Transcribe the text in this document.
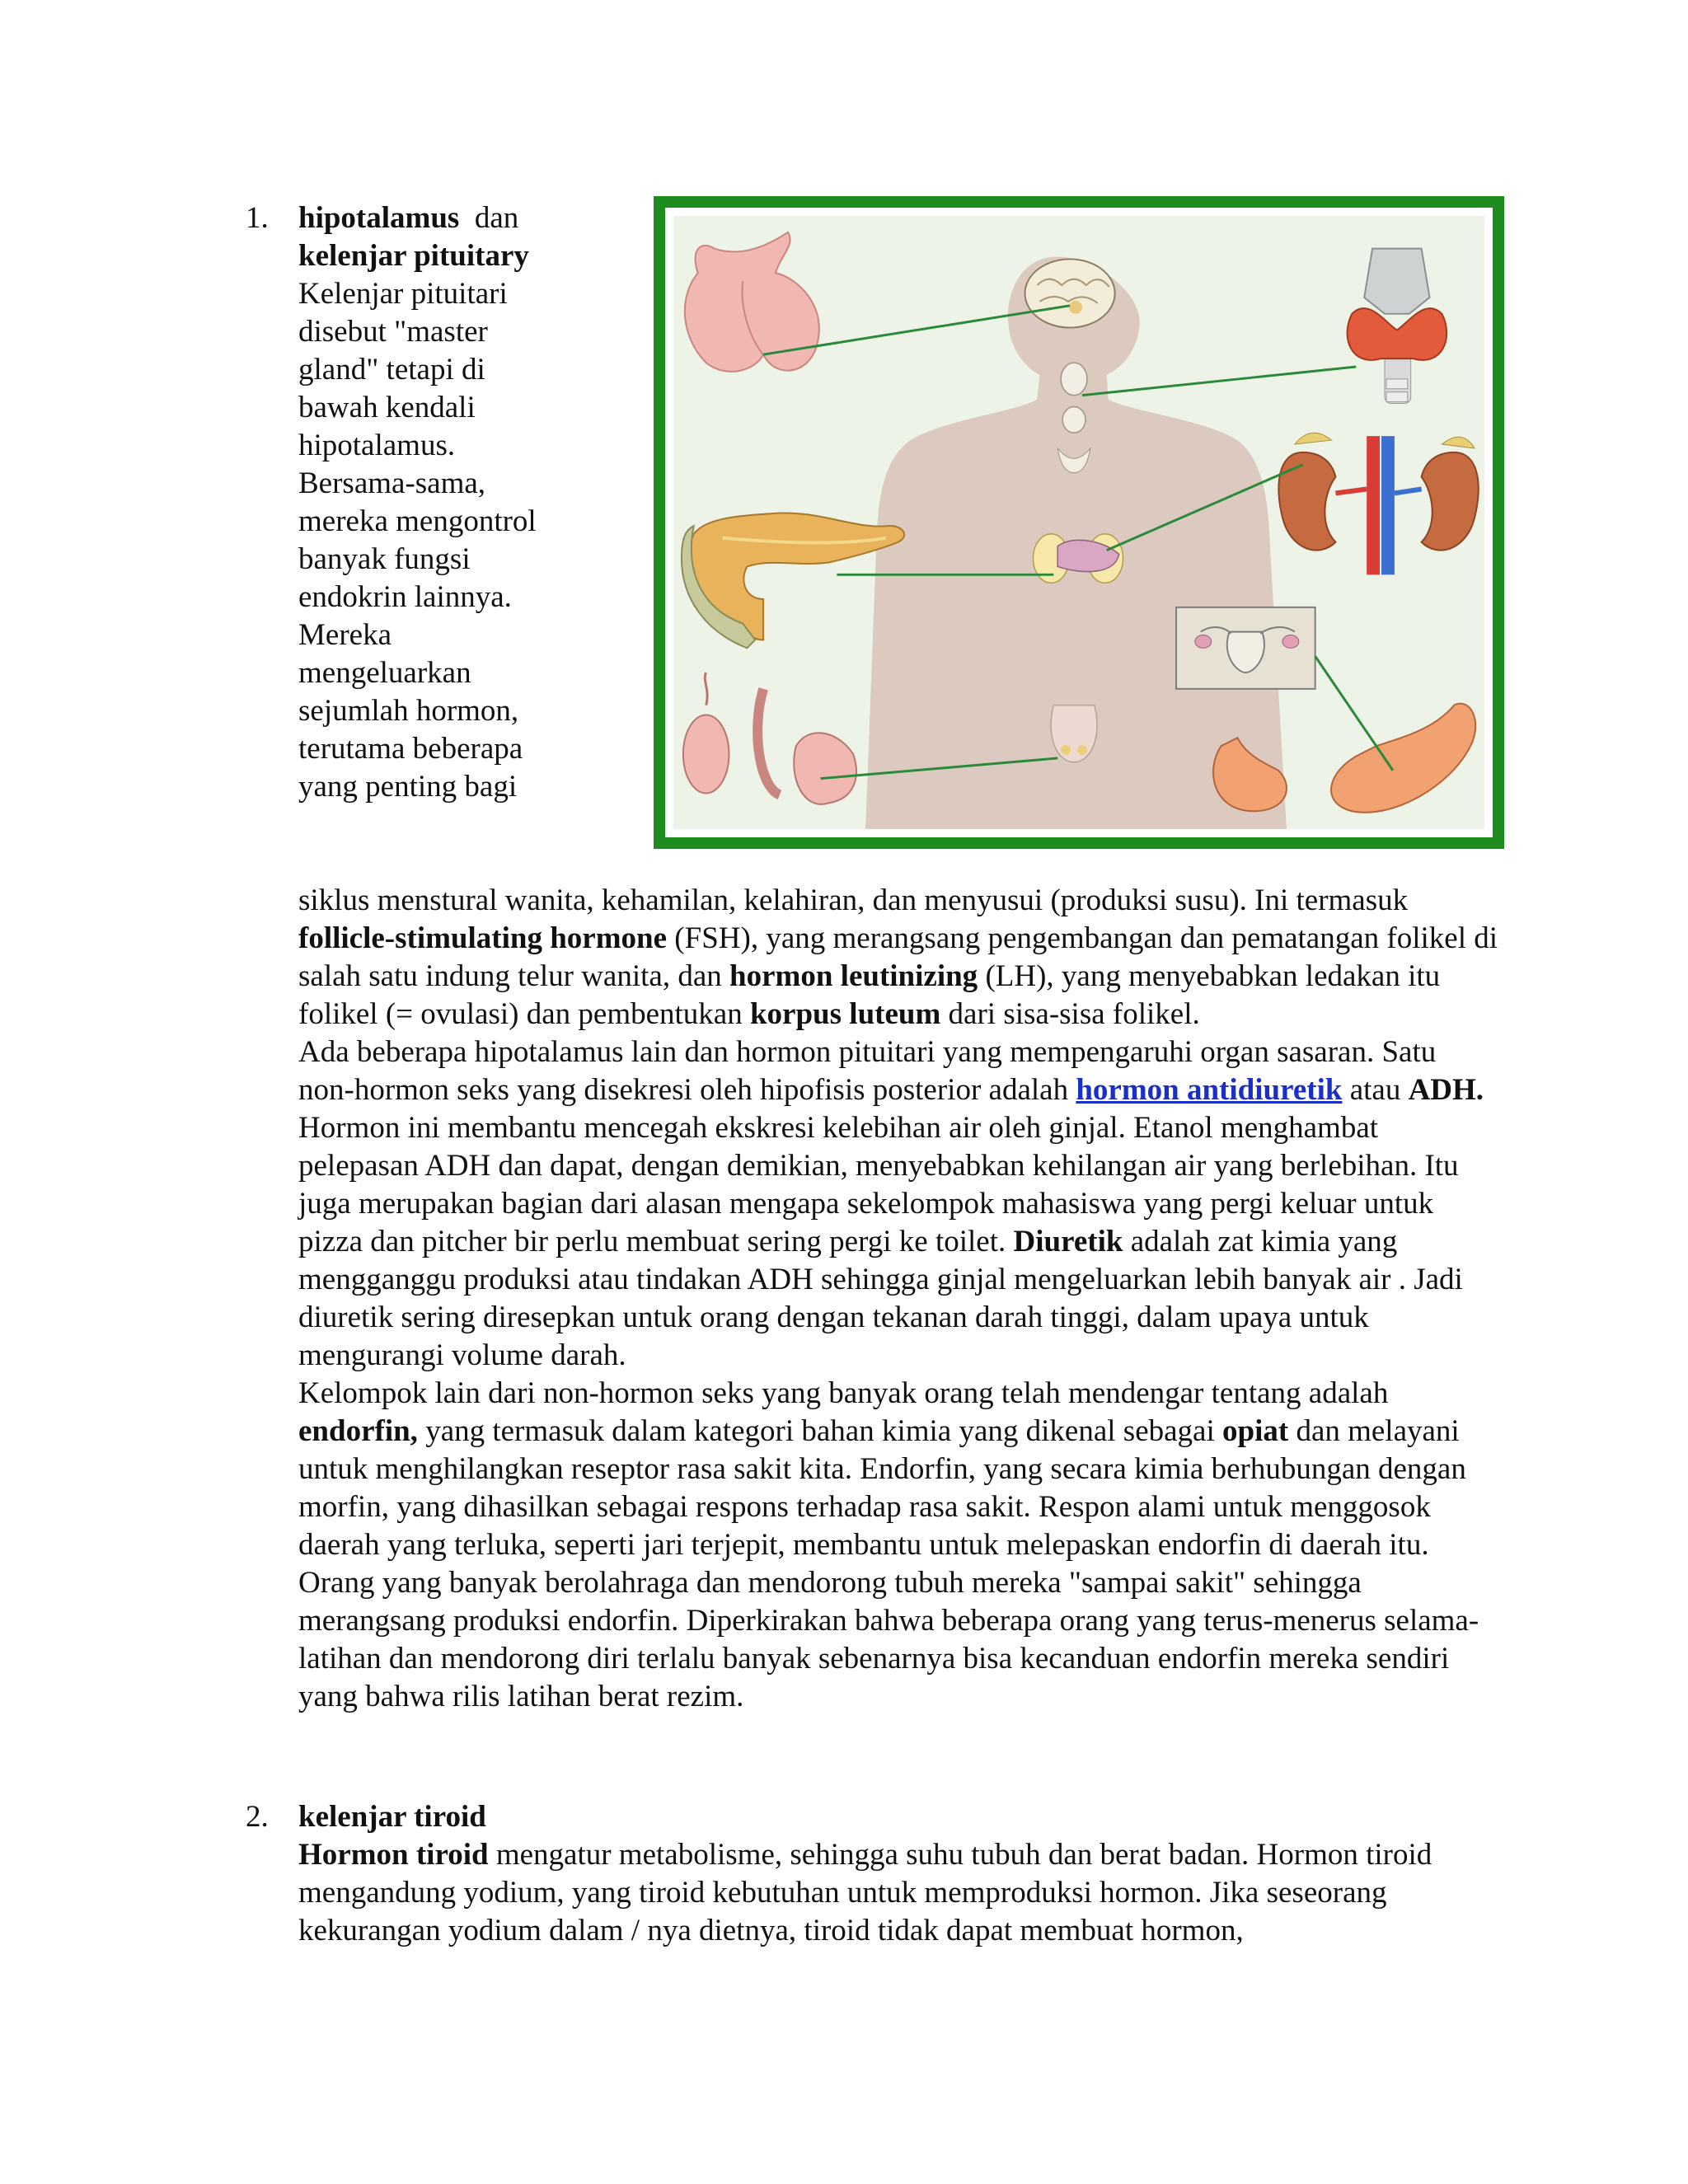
1. hipotalamus dan kelenjar pituitary

Kelenjar pituitari disebut "master gland" tetapi di bawah kendali hipotalamus. Bersama-sama, mereka mengontrol banyak fungsi endokrin lainnya. Mereka mengeluarkan sejumlah hormon, terutama beberapa yang penting bagi

siklus menstural wanita, kehamilan, kelahiran, dan menyusui (produksi susu). Ini termasuk follicle-stimulating hormone (FSH), yang merangsang pengembangan dan pematangan folikel di salah satu indung telur wanita, dan hormon leutinizing (LH), yang menyebabkan ledakan itu folikel (= ovulasi) dan pembentukan korpus luteum dari sisa-sisa folikel.

Ada beberapa hipotalamus lain dan hormon pituitari yang mempengaruhi organ sasaran. Satu non-hormon seks yang disekresi oleh hipofisis posterior adalah hormon antidiuretik atau ADH. Hormon ini membantu mencegah ekskresi kelebihan air oleh ginjal. Etanol menghambat pelepasan ADH dan dapat, dengan demikian, menyebabkan kehilangan air yang berlebihan. Itu juga merupakan bagian dari alasan mengapa sekelompok mahasiswa yang pergi keluar untuk pizza dan pitcher bir perlu membuat sering pergi ke toilet. Diuretik adalah zat kimia yang mengganggu produksi atau tindakan ADH sehingga ginjal mengeluarkan lebih banyak air . Jadi diuretik sering diresepkan untuk orang dengan tekanan darah tinggi, dalam upaya untuk mengurangi volume darah.

Kelompok lain dari non-hormon seks yang banyak orang telah mendengar tentang adalah endorfin, yang termasuk dalam kategori bahan kimia yang dikenal sebagai opiat dan melayani untuk menghilangkan reseptor rasa sakit kita. Endorfin, yang secara kimia berhubungan dengan morfin, yang dihasilkan sebagai respons terhadap rasa sakit. Respon alami untuk menggosok daerah yang terluka, seperti jari terjepit, membantu untuk melepaskan endorfin di daerah itu. Orang yang banyak berolahraga dan mendorong tubuh mereka "sampai sakit" sehingga merangsang produksi endorfin. Diperkirakan bahwa beberapa orang yang terus-menerus selama-latihan dan mendorong diri terlalu banyak sebenarnya bisa kecanduan endorfin mereka sendiri yang bahwa rilis latihan berat rezim.

2. kelenjar tiroid

Hormon tiroid mengatur metabolisme, sehingga suhu tubuh dan berat badan. Hormon tiroid mengandung yodium, yang tiroid kebutuhan untuk memproduksi hormon. Jika seseorang kekurangan yodium dalam / nya dietnya, tiroid tidak dapat membuat hormon,
